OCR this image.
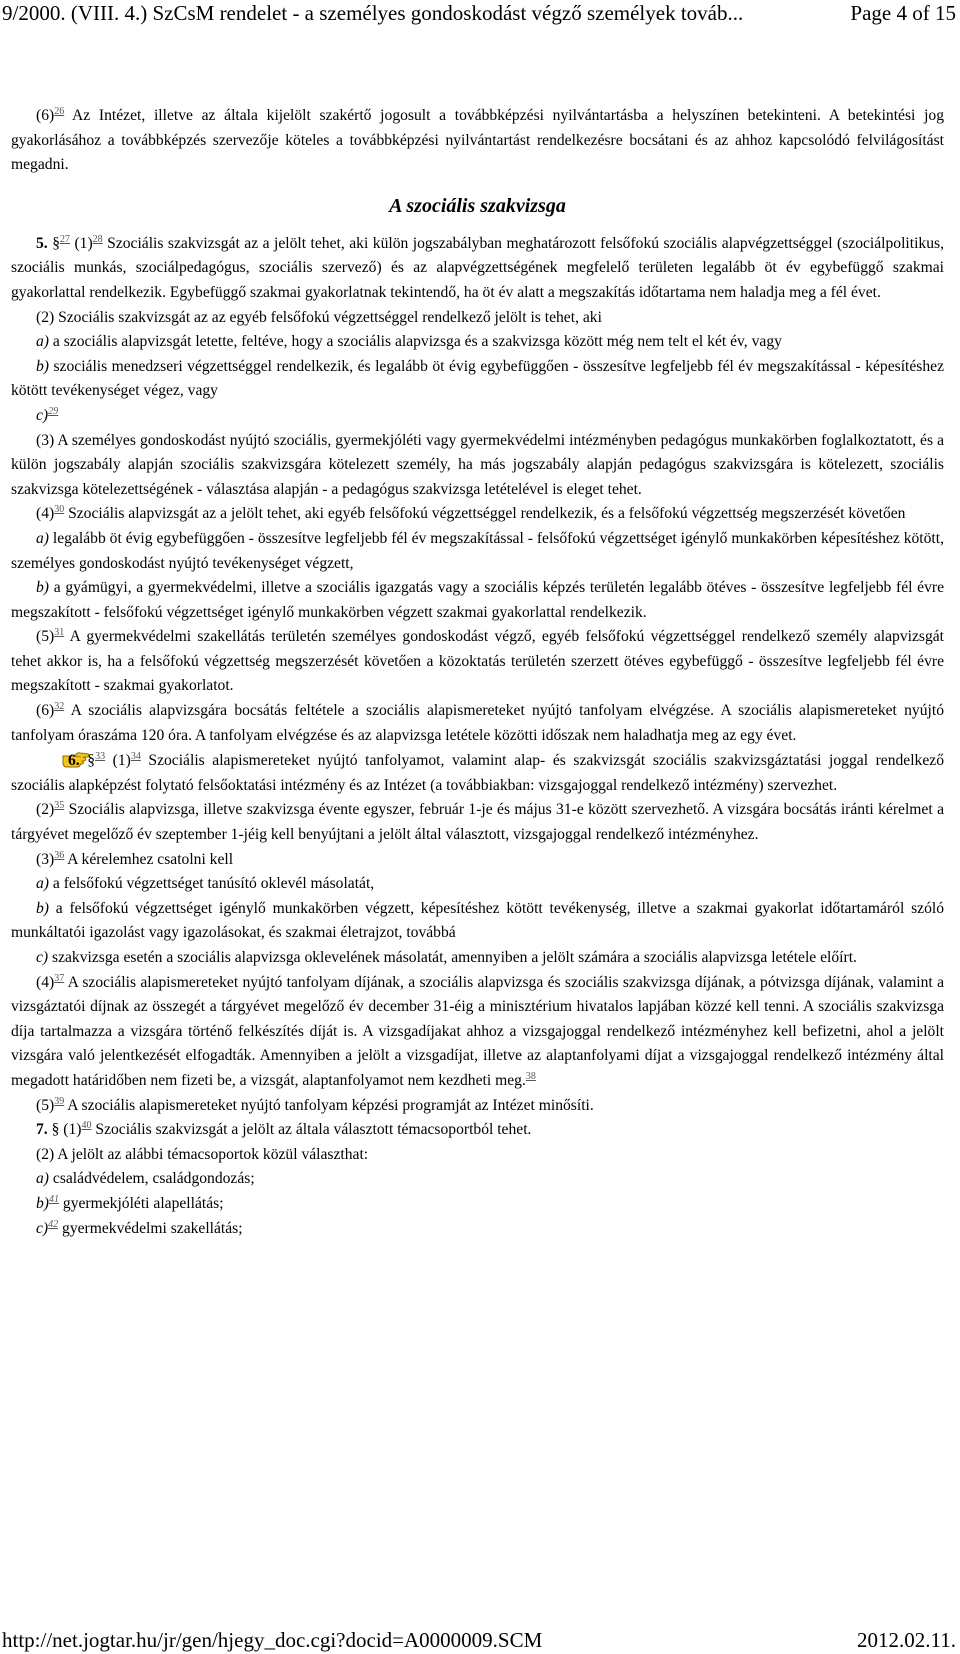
9/2000. (VIII. 4.) SzCsM rendelet - a személyes gondoskodást végző személyek továb...	Page 4 of 15

$(6)^{26}$ Az Intézet, illetve az általa kijelölt szakértő jogosult a továbbképzési nyilvántartásba a helyszínen betekinteni. A betekintési jog gyakorlásához a továbbképzés szervezője köteles a továbbképzési nyilvántartást rendelkezésre bocsátani és az ahhoz kapcsolódó felvilágosítást megadni.

A szociális szakvizsga

5. §$^{27}$ $(1)^{28}$ Szociális szakvizsgát az a jelölt tehet, aki külön jogszabályban meghatározott felsőfokú szociális alapvégzettséggel (szociálpolitikus, szociális munkás, szociálpedagógus, szociális szervező) és az alapvégzettségének megfelelő területen legalább öt év egybefüggő szakmai gyakorlattal rendelkezik. Egybefüggő szakmai gyakorlatnak tekintendő, ha öt év alatt a megszakítás időtartama nem haladja meg a fél évet.

(2) Szociális szakvizsgát az az egyéb felsőfokú végzettséggel rendelkező jelölt is tehet, aki

a) a szociális alapvizsgát letette, feltéve, hogy a szociális alapvizsga és a szakvizsga között még nem telt el két év, vagy

b) szociális menedzseri végzettséggel rendelkezik, és legalább öt évig egybefüggően - összesítve legfeljebb fél év megszakítással - képesítéshez kötött tevékenységet végez, vagy

c)$^{29}$

(3) A személyes gondoskodást nyújtó szociális, gyermekjóléti vagy gyermekvédelmi intézményben pedagógus munkakörben foglalkoztatott, és a külön jogszabály alapján szociális szakvizsgára kötelezett személy, ha más jogszabály alapján pedagógus szakvizsgára is kötelezett, szociális szakvizsga kötelezettségének - választása alapján - a pedagógus szakvizsga letételével is eleget tehet.

$(4)^{30}$ Szociális alapvizsgát az a jelölt tehet, aki egyéb felsőfokú végzettséggel rendelkezik, és a felsőfokú végzettség megszerzését követően

a) legalább öt évig egybefüggően - összesítve legfeljebb fél év megszakítással - felsőfokú végzettséget igénylő munkakörben képesítéshez kötött, személyes gondoskodást nyújtó tevékenységet végzett,

b) a gyámügyi, a gyermekvédelmi, illetve a szociális igazgatás vagy a szociális képzés területén legalább ötéves - összesítve legfeljebb fél évre megszakított - felsőfokú végzettséget igénylő munkakörben végzett szakmai gyakorlattal rendelkezik.

$(5)^{31}$ A gyermekvédelmi szakellátás területén személyes gondoskodást végző, egyéb felsőfokú végzettséggel rendelkező személy alapvizsgát tehet akkor is, ha a felsőfokú végzettség megszerzését követően a közoktatás területén szerzett ötéves egybefüggő - összesítve legfeljebb fél évre megszakított - szakmai gyakorlatot.

$(6)^{32}$ A szociális alapvizsgára bocsátás feltétele a szociális alapismereteket nyújtó tanfolyam elvégzése. A szociális alapismereteket nyújtó tanfolyam óraszáma 120 óra. A tanfolyam elvégzése és az alapvizsga letétele közötti időszak nem haladhatja meg az egy évet.

6. §$^{33}$ $(1)^{34}$ Szociális alapismereteket nyújtó tanfolyamot, valamint alap- és szakvizsgát szociális szakvizsgáztatási joggal rendelkező szociális alapképzést folytató felsőoktatási intézmény és az Intézet (a továbbiakban: vizsgajoggal rendelkező intézmény) szervezhet.

$(2)^{35}$ Szociális alapvizsga, illetve szakvizsga évente egyszer, február 1-je és május 31-e között szervezhető. A vizsgára bocsátás iránti kérelmet a tárgyévet megelőző év szeptember 1-jéig kell benyújtani a jelölt által választott, vizsgajoggal rendelkező intézményhez.

$(3)^{36}$ A kérelemhez csatolni kell

a) a felsőfokú végzettséget tanúsító oklevél másolatát,

b) a felsőfokú végzettséget igénylő munkakörben végzett, képesítéshez kötött tevékenység, illetve a szakmai gyakorlat időtartamáról szóló munkáltatói igazolást vagy igazolásokat, és szakmai életrajzot, továbbá

c) szakvizsga esetén a szociális alapvizsga oklevelének másolatát, amennyiben a jelölt számára a szociális alapvizsga letétele előírt.

$(4)^{37}$ A szociális alapismereteket nyújtó tanfolyam díjának, a szociális alapvizsga és szociális szakvizsga díjának, a pótvizsga díjának, valamint a vizsgáztatói díjnak az összegét a tárgyévet megelőző év december 31-éig a minisztérium hivatalos lapjában közzé kell tenni. A szociális szakvizsga díja tartalmazza a vizsgára történő felkészítés díját is. A vizsgadíjakat ahhoz a vizsgajoggal rendelkező intézményhez kell befizetni, ahol a jelölt vizsgára való jelentkezését elfogadták. Amennyiben a jelölt a vizsgadíjat, illetve az alaptanfolyami díjat a vizsgajoggal rendelkező intézmény által megadott határidőben nem fizeti be, a vizsgát, alaptanfolyamot nem kezdheti meg.$^{38}$

$(5)^{39}$ A szociális alapismereteket nyújtó tanfolyam képzési programját az Intézet minősíti.

7. § $(1)^{40}$ Szociális szakvizsgát a jelölt az általa választott témacsoportból tehet.

(2) A jelölt az alábbi témacsoportok közül választhat:

a) családvédelem, családgondozás;

b)$^{41}$ gyermekjóléti alapellátás;

c)$^{42}$ gyermekvédelmi szakellátás;

http://net.jogtar.hu/jr/gen/hjegy_doc.cgi?docid=A0000009.SCM	2012.02.11.
